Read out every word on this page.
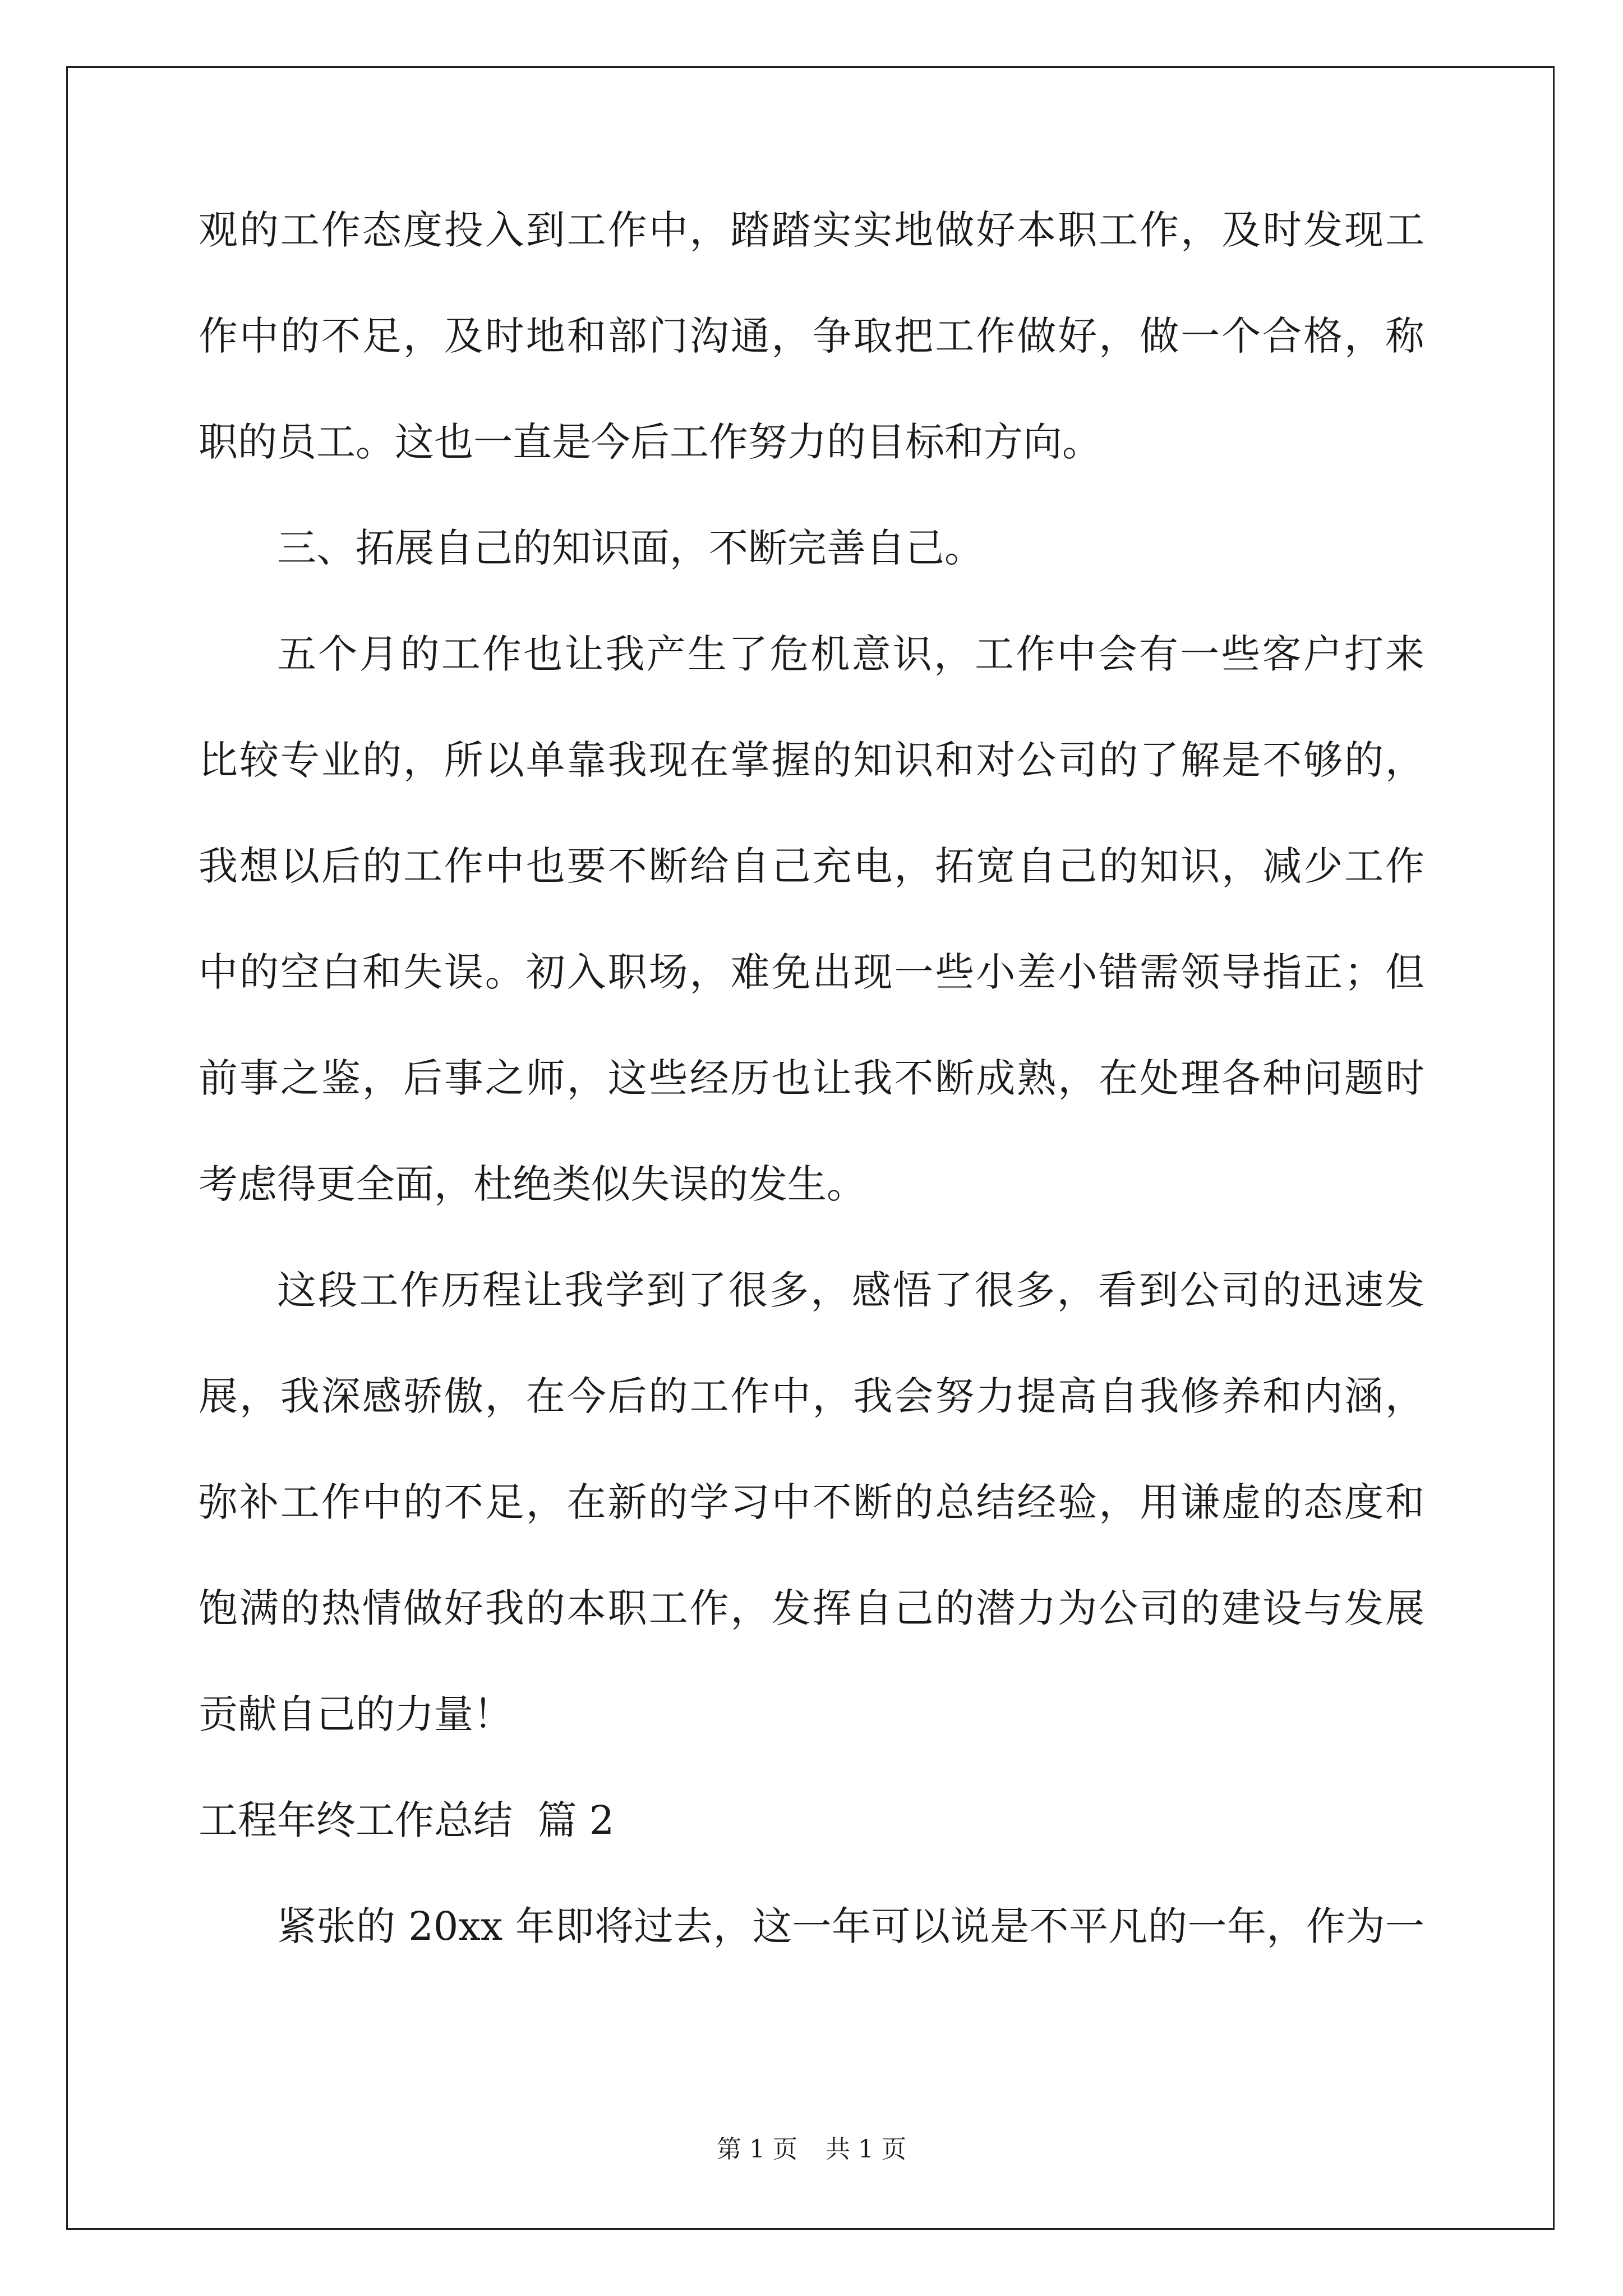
观的工作态度投入到工作中，踏踏实实地做好本职工作，及时发现工
作中的不足，及时地和部门沟通，争取把工作做好，做一个合格，称
职的员工。这也一直是今后工作努力的目标和方向。
三、拓展自己的知识面，不断完善自己。
五个月的工作也让我产生了危机意识，工作中会有一些客户打来
比较专业的，所以单靠我现在掌握的知识和对公司的了解是不够的，
我想以后的工作中也要不断给自己充电，拓宽自己的知识，减少工作
中的空白和失误。初入职场，难免出现一些小差小错需领导指正；但
前事之鉴，后事之师，这些经历也让我不断成熟，在处理各种问题时
考虑得更全面，杜绝类似失误的发生。
这段工作历程让我学到了很多，感悟了很多，看到公司的迅速发
展，我深感骄傲，在今后的工作中，我会努力提高自我修养和内涵，
弥补工作中的不足，在新的学习中不断的总结经验，用谦虚的态度和
饱满的热情做好我的本职工作，发挥自己的潜力为公司的建设与发展
贡献自己的力量！
工程年终工作总结  篇 2
紧张的 20xx 年即将过去，这一年可以说是不平凡的一年，作为一
第 1 页 共 1 页
